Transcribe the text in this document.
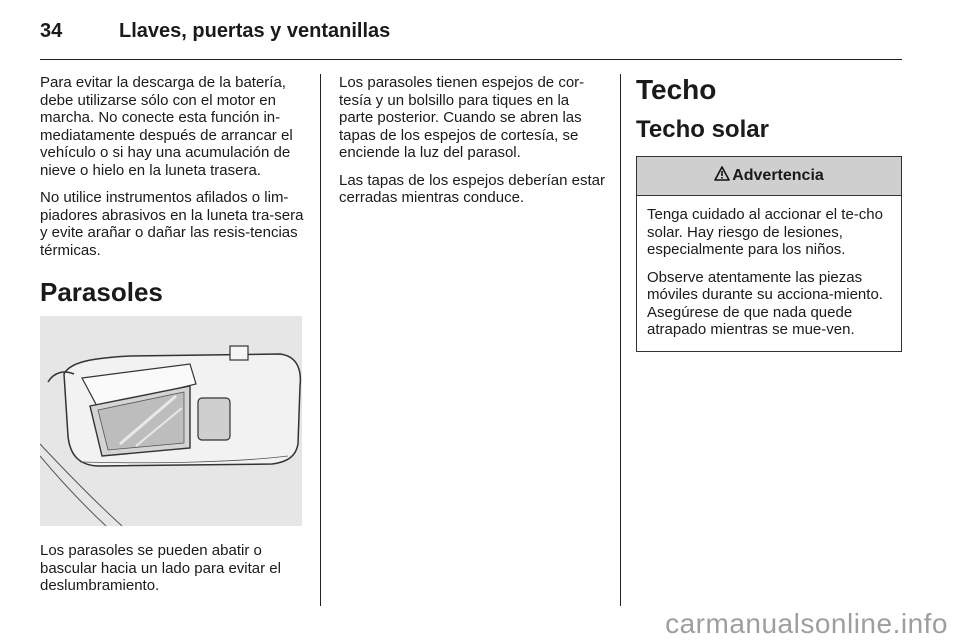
34	Llaves, puertas y ventanillas

Para evitar la descarga de la batería, debe utilizarse sólo con el motor en marcha. No conecte esta función in-mediatamente después de arrancar el vehículo o si hay una acumulación de nieve o hielo en la luneta trasera.

No utilice instrumentos afilados o lim-piadores abrasivos en la luneta tra-sera y evite arañar o dañar las resis-tencias térmicas.

Parasoles

Los parasoles se pueden abatir o bascular hacia un lado para evitar el deslumbramiento.

Los parasoles tienen espejos de cor-tesía y un bolsillo para tiques en la parte posterior. Cuando se abren las tapas de los espejos de cortesía, se enciende la luz del parasol.

Las tapas de los espejos deberían estar cerradas mientras conduce.

Techo
Techo solar
Advertencia

Tenga cuidado al accionar el te-cho solar. Hay riesgo de lesiones, especialmente para los niños.

Observe atentamente las piezas móviles durante su acciona-miento. Asegúrese de que nada quede atrapado mientras se mue-ven.

carmanualsonline.info
